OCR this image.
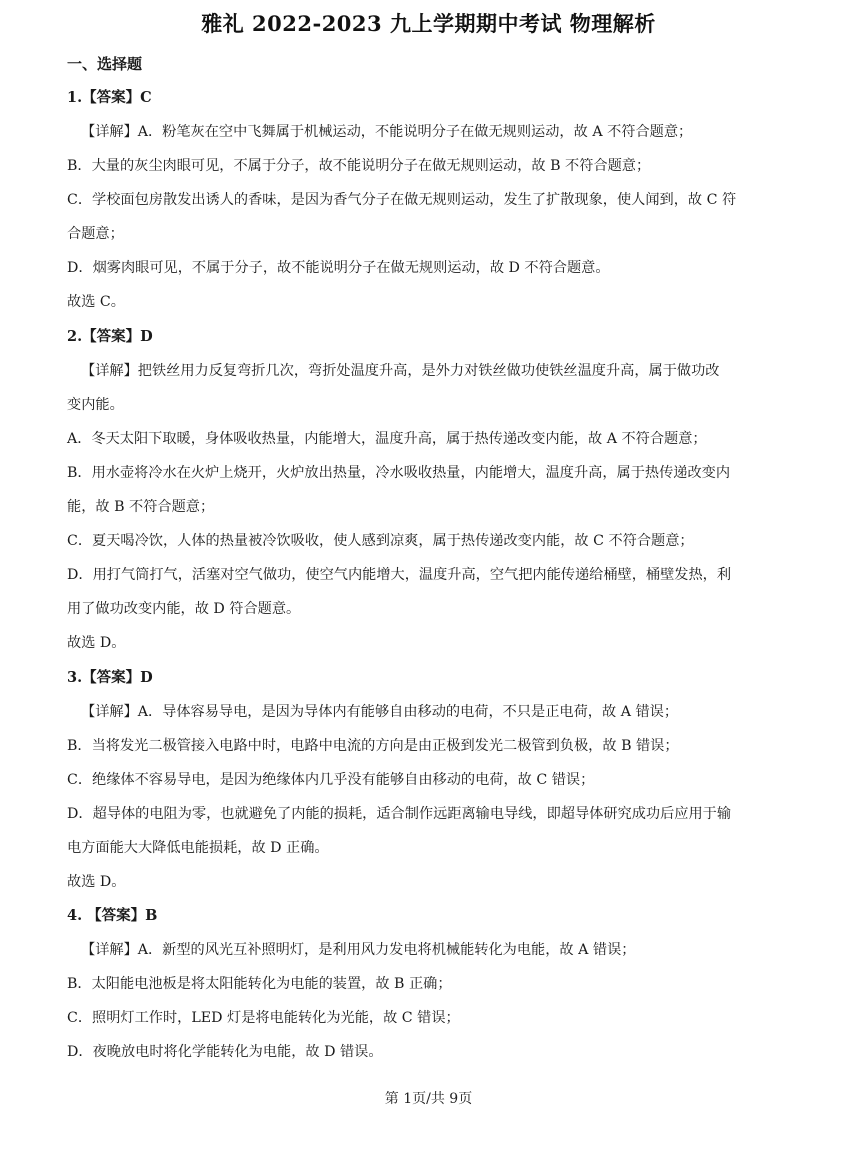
雅礼 2022-2023 九上学期期中考试 物理解析
一、选择题
1.【答案】C
【详解】A．粉笔灰在空中飞舞属于机械运动，不能说明分子在做无规则运动，故 A 不符合题意；
B．大量的灰尘肉眼可见，不属于分子，故不能说明分子在做无规则运动，故 B 不符合题意；
C．学校面包房散发出诱人的香味，是因为香气分子在做无规则运动，发生了扩散现象，使人闻到，故 C 符
合题意；
D．烟雾肉眼可见，不属于分子，故不能说明分子在做无规则运动，故 D 不符合题意。
故选 C。
2.【答案】D
【详解】把铁丝用力反复弯折几次，弯折处温度升高，是外力对铁丝做功使铁丝温度升高，属于做功改
变内能。
A．冬天太阳下取暖，身体吸收热量，内能增大，温度升高，属于热传递改变内能，故 A 不符合题意；
B．用水壶将冷水在火炉上烧开，火炉放出热量，冷水吸收热量，内能增大，温度升高，属于热传递改变内
能，故 B 不符合题意；
C．夏天喝冷饮，人体的热量被冷饮吸收，使人感到凉爽，属于热传递改变内能，故 C 不符合题意；
D．用打气筒打气，活塞对空气做功，使空气内能增大，温度升高，空气把内能传递给桶壁，桶壁发热，利
用了做功改变内能，故 D 符合题意。
故选 D。
3.【答案】D
【详解】A．导体容易导电，是因为导体内有能够自由移动的电荷，不只是正电荷，故 A 错误；
B．当将发光二极管接入电路中时，电路中电流的方向是由正极到发光二极管到负极，故 B 错误；
C．绝缘体不容易导电，是因为绝缘体内几乎没有能够自由移动的电荷，故 C 错误；
D．超导体的电阻为零，也就避免了内能的损耗，适合制作远距离输电导线，即超导体研究成功后应用于输
电方面能大大降低电能损耗，故 D 正确。
故选 D。
4. 【答案】B
【详解】A．新型的风光互补照明灯，是利用风力发电将机械能转化为电能，故 A 错误；
B．太阳能电池板是将太阳能转化为电能的装置，故 B 正确；
C．照明灯工作时，LED 灯是将电能转化为光能，故 C 错误；
D．夜晚放电时将化学能转化为电能，故 D 错误。
第 1页/共 9页
